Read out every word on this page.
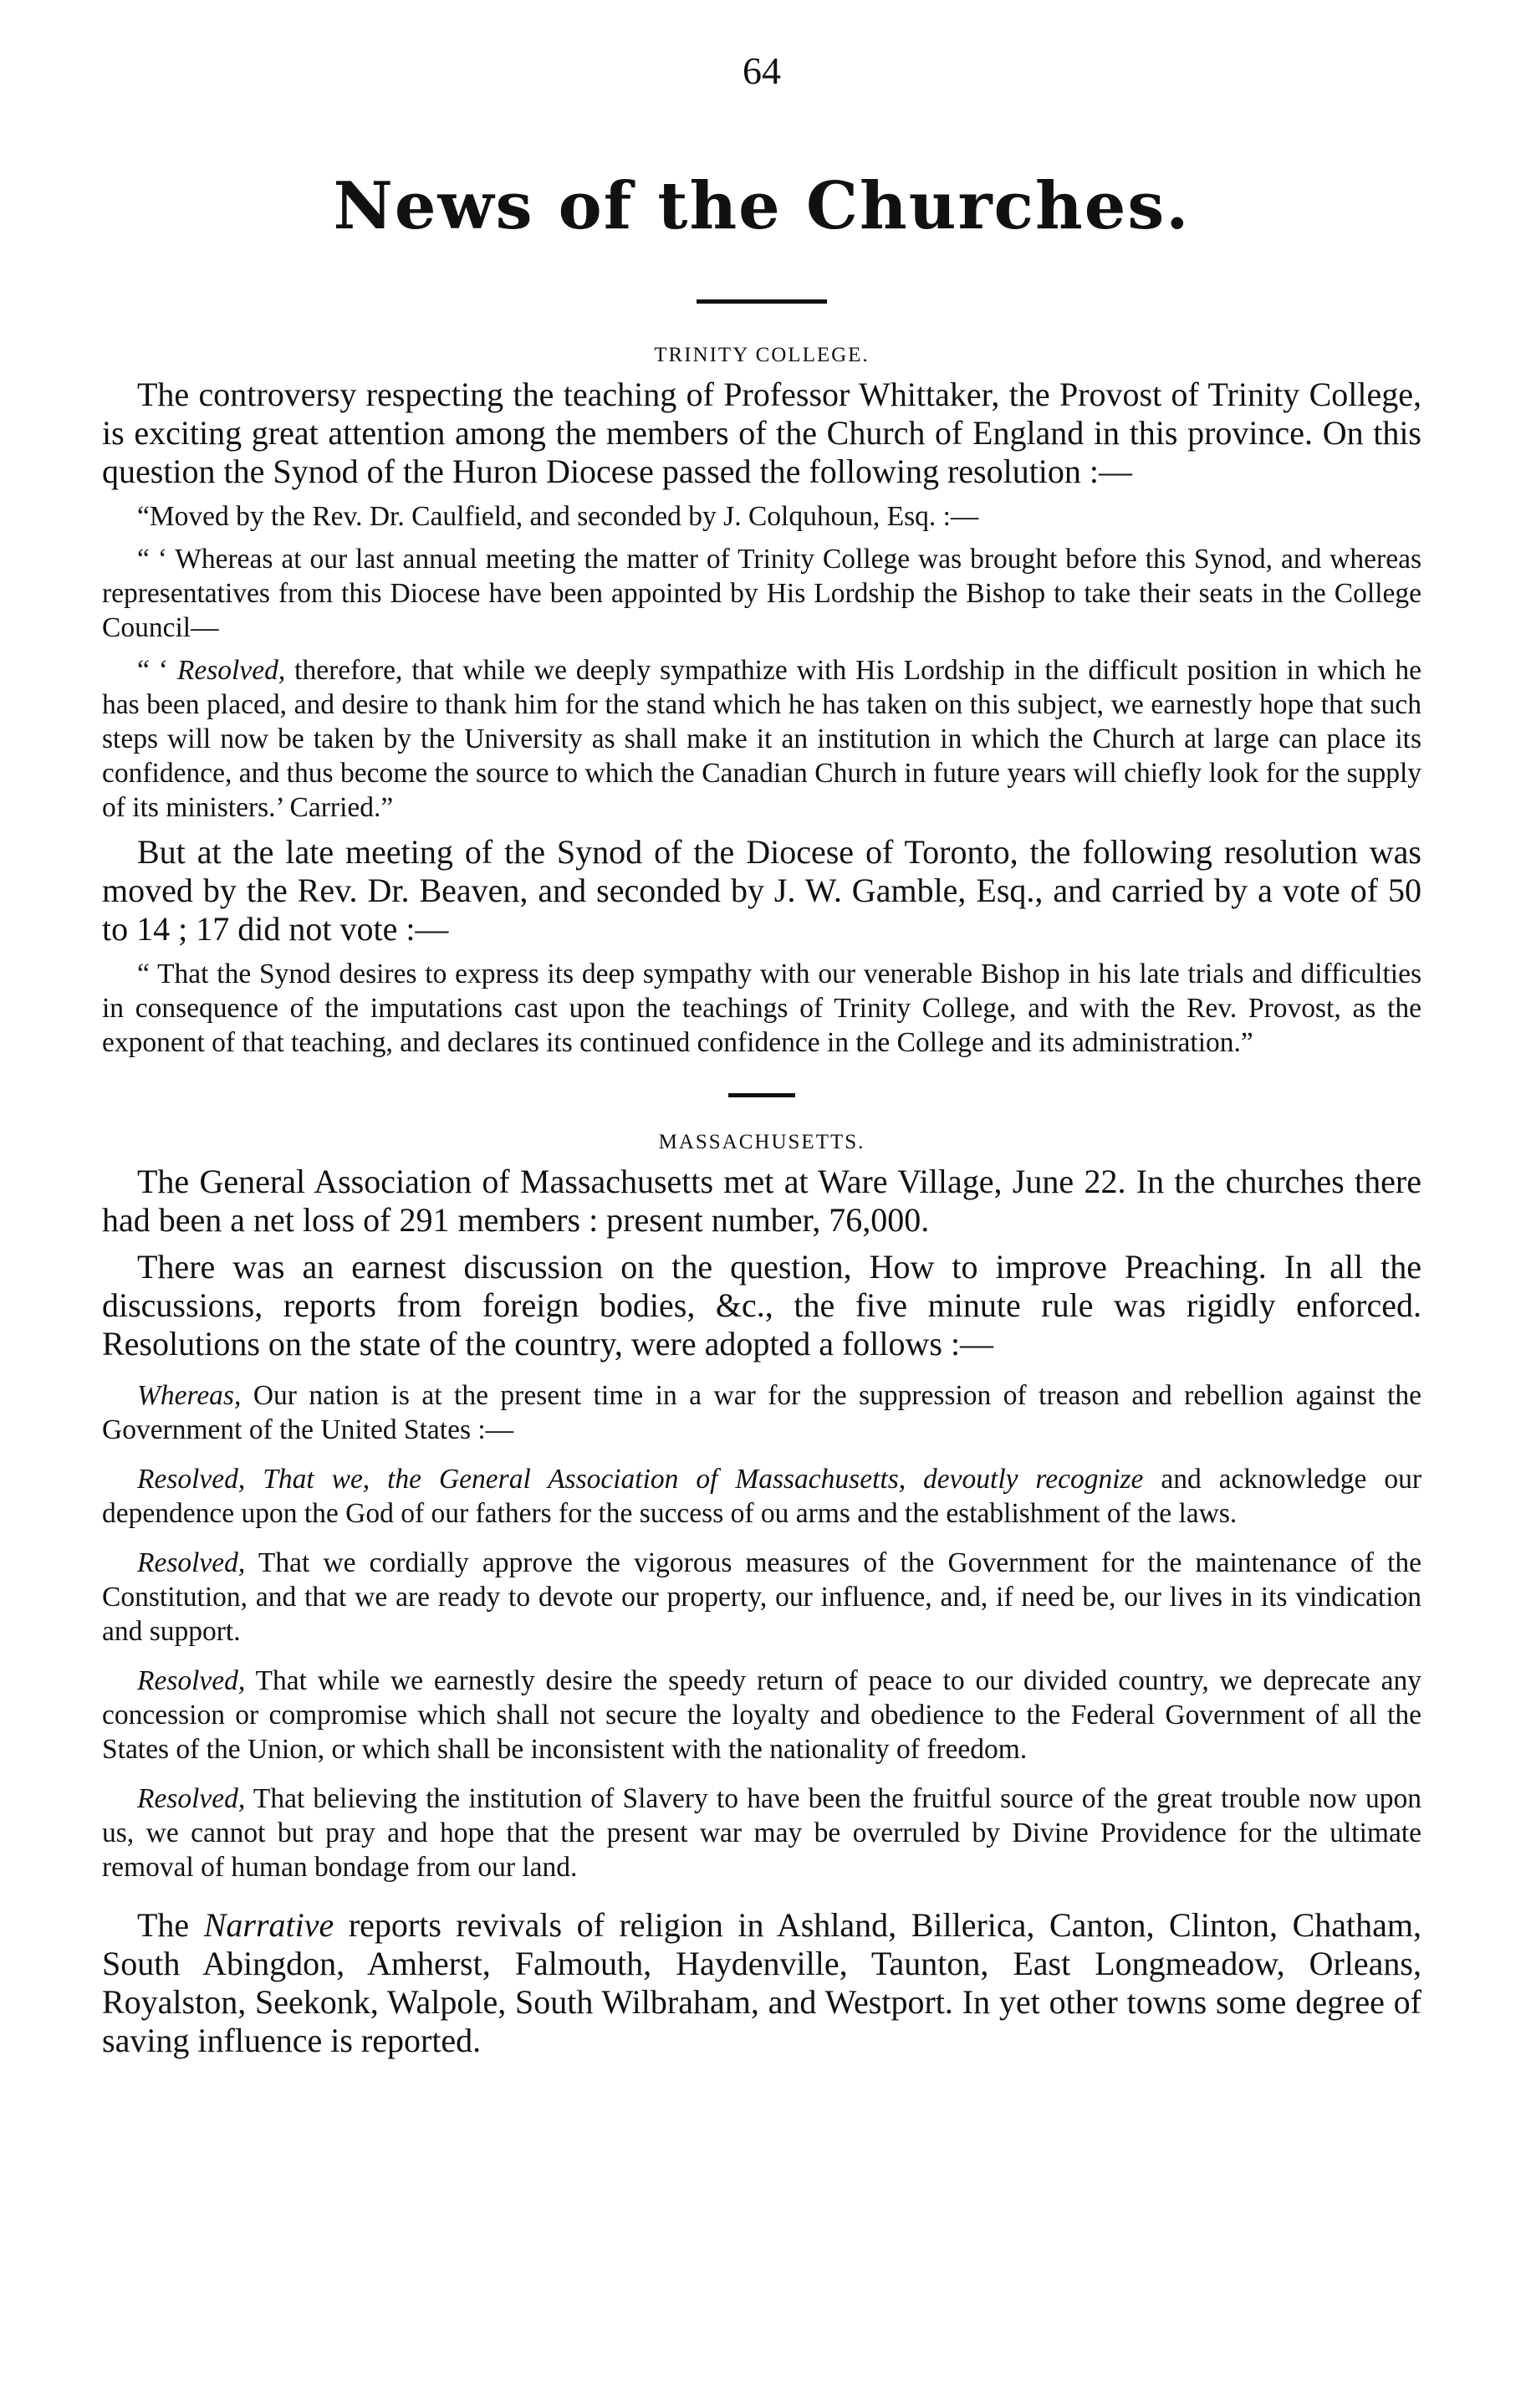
64
News of the Churches.
TRINITY COLLEGE.

The controversy respecting the teaching of Professor Whittaker, the Provost of Trinity College, is exciting great attention among the members of the Church of England in this province. On this question the Synod of the Huron Diocese passed the following resolution :—

“Moved by the Rev. Dr. Caulfield, and seconded by J. Colquhoun, Esq. :—

“ ‘ Whereas at our last annual meeting the matter of Trinity College was brought before this Synod, and whereas representatives from this Diocese have been appointed by His Lordship the Bishop to take their seats in the College Council—

“ ‘ Resolved, therefore, that while we deeply sympathize with His Lordship in the difficult position in which he has been placed, and desire to thank him for the stand which he has taken on this subject, we earnestly hope that such steps will now be taken by the University as shall make it an institution in which the Church at large can place its confidence, and thus become the source to which the Canadian Church in future years will chiefly look for the supply of its ministers.’ Carried.”

But at the late meeting of the Synod of the Diocese of Toronto, the following resolution was moved by the Rev. Dr. Beaven, and seconded by J. W. Gamble, Esq., and carried by a vote of 50 to 14 ; 17 did not vote :—

“ That the Synod desires to express its deep sympathy with our venerable Bishop in his late trials and difficulties in consequence of the imputations cast upon the teachings of Trinity College, and with the Rev. Provost, as the exponent of that teaching, and declares its continued confidence in the College and its administration.”

MASSACHUSETTS.

The General Association of Massachusetts met at Ware Village, June 22. In the churches there had been a net loss of 291 members : present number, 76,000.

There was an earnest discussion on the question, How to improve Preaching. In all the discussions, reports from foreign bodies, &c., the five minute rule was rigidly enforced. Resolutions on the state of the country, were adopted a follows :—

Whereas, Our nation is at the present time in a war for the suppression of treason and rebellion against the Government of the United States :—

Resolved, That we, the General Association of Massachusetts, devoutly recognize and acknowledge our dependence upon the God of our fathers for the success of ou arms and the establishment of the laws.

Resolved, That we cordially approve the vigorous measures of the Government for the maintenance of the Constitution, and that we are ready to devote our property, our influence, and, if need be, our lives in its vindication and support.

Resolved, That while we earnestly desire the speedy return of peace to our divided country, we deprecate any concession or compromise which shall not secure the loyalty and obedience to the Federal Government of all the States of the Union, or which shall be inconsistent with the nationality of freedom.

Resolved, That believing the institution of Slavery to have been the fruitful source of the great trouble now upon us, we cannot but pray and hope that the present war may be overruled by Divine Providence for the ultimate removal of human bondage from our land.

The Narrative reports revivals of religion in Ashland, Billerica, Canton, Clinton, Chatham, South Abingdon, Amherst, Falmouth, Haydenville, Taunton, East Longmeadow, Orleans, Royalston, Seekonk, Walpole, South Wilbraham, and Westport. In yet other towns some degree of saving influence is reported.
